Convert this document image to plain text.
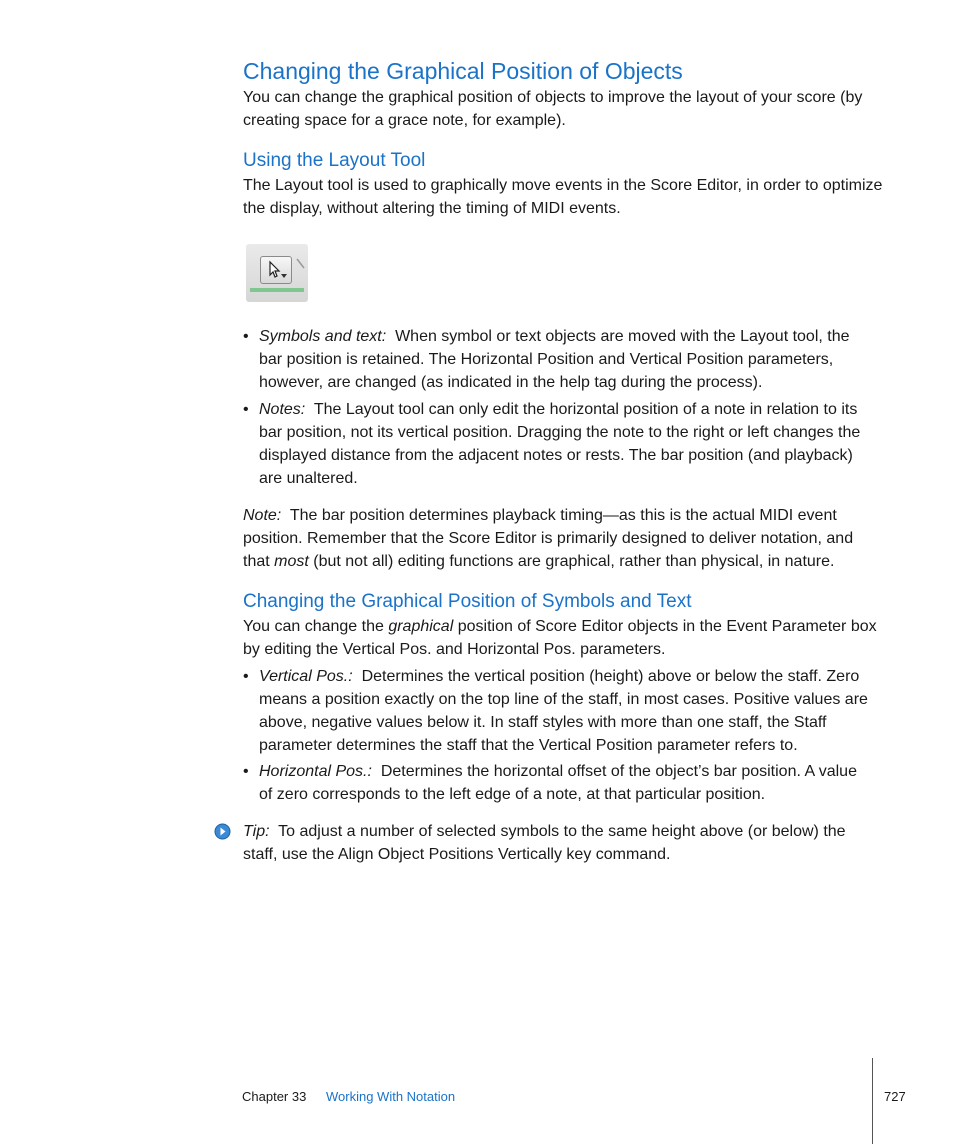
Changing the Graphical Position of Objects
You can change the graphical position of objects to improve the layout of your score (by creating space for a grace note, for example).
Using the Layout Tool
The Layout tool is used to graphically move events in the Score Editor, in order to optimize the display, without altering the timing of MIDI events.
• Symbols and text: When symbol or text objects are moved with the Layout tool, the bar position is retained. The Horizontal Position and Vertical Position parameters, however, are changed (as indicated in the help tag during the process).
• Notes: The Layout tool can only edit the horizontal position of a note in relation to its bar position, not its vertical position. Dragging the note to the right or left changes the displayed distance from the adjacent notes or rests. The bar position (and playback) are unaltered.
Note: The bar position determines playback timing—as this is the actual MIDI event position. Remember that the Score Editor is primarily designed to deliver notation, and that most (but not all) editing functions are graphical, rather than physical, in nature.
Changing the Graphical Position of Symbols and Text
You can change the graphical position of Score Editor objects in the Event Parameter box by editing the Vertical Pos. and Horizontal Pos. parameters.
• Vertical Pos.: Determines the vertical position (height) above or below the staff. Zero means a position exactly on the top line of the staff, in most cases. Positive values are above, negative values below it. In staff styles with more than one staff, the Staff parameter determines the staff that the Vertical Position parameter refers to.
• Horizontal Pos.: Determines the horizontal offset of the object’s bar position. A value of zero corresponds to the left edge of a note, at that particular position.
Tip: To adjust a number of selected symbols to the same height above (or below) the staff, use the Align Object Positions Vertically key command.
Chapter 33 Working With Notation	727
